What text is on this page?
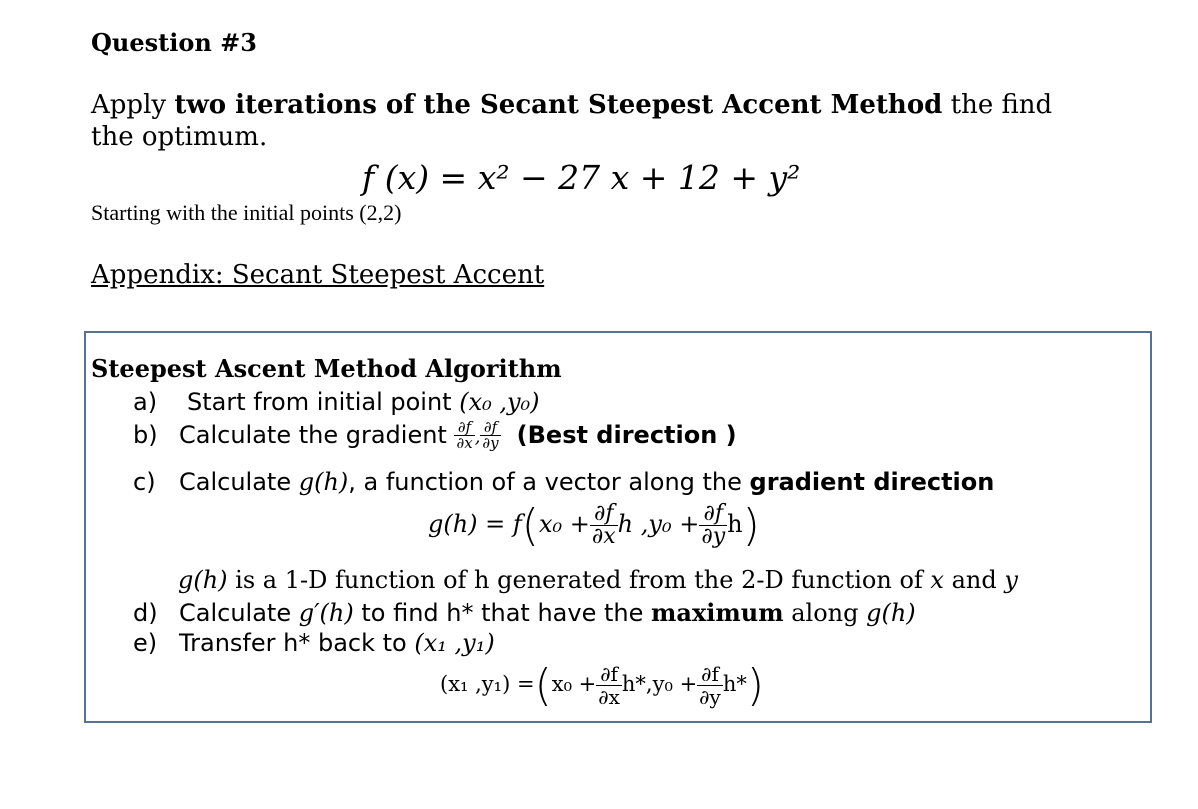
Question #3
Apply two iterations of the Secant Steepest Accent Method the find the optimum.
f (x) = x² − 27 x + 12 + y²
Starting with the initial points (2,2)
Appendix: Secant Steepest Accent
Steepest Ascent Method Algorithm
a) Start from initial point (x₀ ,y₀)
b) Calculate the gradient $\frac{\partial f}{\partial x}$ , $\frac{\partial f}{\partial y}$ (Best direction )
c) Calculate g(h), a function of a vector along the gradient direction
$g(h) = f(x_0 + \frac{\partial f}{\partial x}$ h $,y_0 + \frac{\partial f}{\partial y} h$)
g(h) is a 1-D function of h generated from the 2-D function of x and y
d) Calculate g′(h) to find h* that have the maximum along g(h)
e) Transfer h* back to (x₁ ,y₁)
(x₁ $,y_1) =(x_0 + \frac{\partial f}{\partial x} h*,y_0 + \frac{\partial f}{\partial y} h*)$
